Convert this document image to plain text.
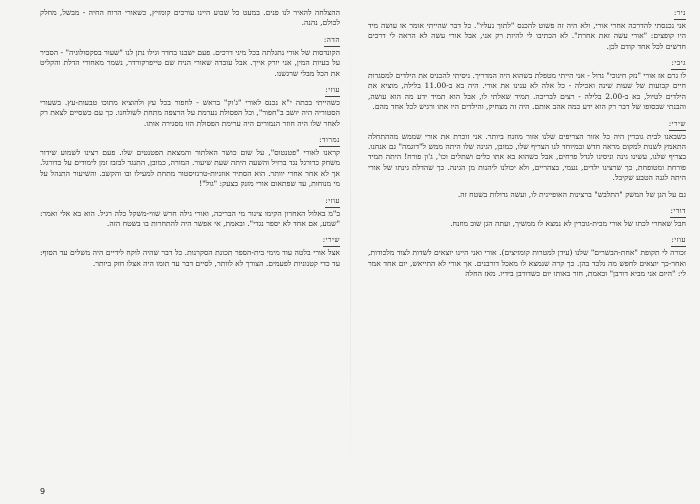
ניר:
אני נכנסתי להדרכה אחרי אורי, ולא היה זה פשוט להכנס "לתוך נעליו". כל דבר שהייתי אומר או עושה מיד היו קופצים: "אורי עשה זאת אחרת". לא הכתיבו לי להיות רק אני, אבל אורי עשה לא הראה לי דרכים חדשים לכל אחד קודם לכן.
גיבי:
לו גרם אז אורי "נזק חינוכי" גדול - אני הייתי מטפלת בשהוא היה המדריך. ניסיתי להכניס את הילדים למסגרות חיים קבועות של שעות שינה ואכילה - כל אלה לא ענינו את אורי. היה בא ב-11.00 בלילה, מוציא את הילדים לטיול, בא ב-2.00 בלילה - רצים לבריכה. תמיד שאלתי לו, אבל הוא תמיד ידע מה הוא עושה, והבנתי שבסופו של דבר רק הוא ידע כמה אהב אותם. היה זה מצחיק, והילדים היו אתו ורגיש לכל אחד מהם.
שירי:
כשבאנו לבית גוברין היה כל אזור הצריפים שלנו אזור מוזנח ביותר. אני זוכרת את אורי שממש מההתחלה התאמץ לשנות למקום מראה חדש ובמיוחד לנו הצריף שלו, כמובן, הגינה שלו היתה ממש ל"דוגמה" גם אנחנו. בצריף שלנו, עשינו גינה וניסינו לגדל פרחים, אבל כשהוא בא אתו כלים ושתלים וכו', ג'ון פורח! היתה תמיד פורחת ומטופחת, כך שרצינו ילדים, נעמי, בצהריים, ולא יכולנו ליהנות מן הגינה. כך שהדלת גינתו של אורי היתה לגנה הטבע שקיבל.
גם על הגן של המשק "התלבש" ברצינות האופיינית לו, ועשה גדולות בשטח זה.
דודי:
חבל שאחרי לכתו של אורי מבית-גוברין לא נמצא לו ממשיך, ועתה הגן שוב מוזנח.
עוזי:
זכורה לי תקופת "אחת-הבשרים" שלנו (עידן למטרות קומזיצים). אורי ואני היינו יוצאים לשדות לצוד מלכודות, ואחר-כך יוצאים לחפש מה נלכד בהן. כך קרה שנמצא לו מאכל דורבנים. אך אורי לא התייאש, יום אחד אמר לי: "היום אני מביא דורבן" ובאמת, חזר באותו יום כשדורבן בידיו. מאז החלה
ההצלחה להאיר לנו פנים. במעט כל שבוע היינו עורכים קומזיץ, כשאורי הרוח החיה - מבשל, מחלק לכולם, נהנה.
הדה:
הקונדסות של אורי נתגלתה בכל מיני דרכים. פעם ישבנו בחדר וגילו נתן לנו "שעור בסקסולוגיה" - הסביר על בעיות המין, אני יורק אייך. אבל עובדה שאורי הניח שם טייפרקורדר, נשמר מאחורי הדלת והקליט את הכל מבלי שרגשנו.
עוזי:
כשהייתי בכתה י"א נכנס לאורי "ג'וק" בראש - לחפור בכל עץ ולהוציא מתוכו טבעות-עץ. בשעורי הסטוריה היה יושב ב"חפור", וכל הפסולת נערמת על הרצפה מתחת לשולחנו. כך עם כשסיים לצאת רק לאחר שלו היה חוזר הנמורים היה ערימת הפסולת הזו מסגירה אותו.
נמרוד:
קראנו לאורי "פטנטוס", על שום כושר האלתור והמצאת הפטנטים שלו. פעם רצינו לשמוע שידור משחק כדורגל נגד ברזיל והשעה היתה שעת שיעור. המורה, כמובן, התנגד לבזבז זמן לימודים על כדורגל. אך לא אחר אחרי יוותר. הוא הסתיר אוזניות-טרנזיסטור מתחת למעילו ובו והקשב. והשיעור התנהל על מי מנוחות, עד שפתאום אורי מזנק בצעק: "גול"!
עוזי:
ב"מ באלול האחרון הקימו צינור מי הבריכה, ואורי גילה חרש שווי-משקל כלה רגיל. הוא בא אלי ואמר: "שמע, אם אחד לא יספר נגדי". ובאמת, אי אפשר היה להתחרות בו בשטח הזה.
שירי:
אצל אורי בלטה עוד מימי בית-הספר תכונת הסקרנות. כל דבר שהיה לוקח לידיים היה משלים עד הסוף: עד כדי קטנוניות לפעמים. הצורך לא לוותר, לסיים דבר עד תומו היה אצלו חזק ביותר.
9
